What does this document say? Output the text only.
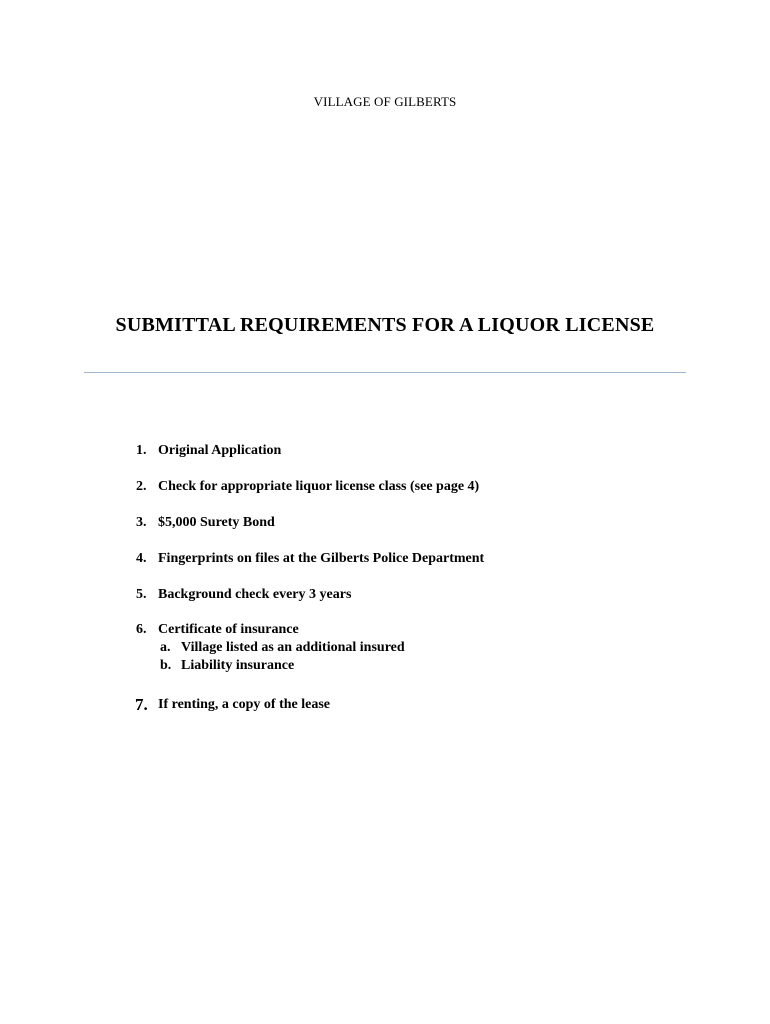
VILLAGE OF GILBERTS
SUBMITTAL REQUIREMENTS FOR A LIQUOR LICENSE
1. Original Application
2. Check for appropriate liquor license class (see page 4)
3. $5,000 Surety Bond
4. Fingerprints on files at the Gilberts Police Department
5. Background check every 3 years
6. Certificate of insurance
a. Village listed as an additional insured
b. Liability insurance
7. If renting, a copy of the lease
